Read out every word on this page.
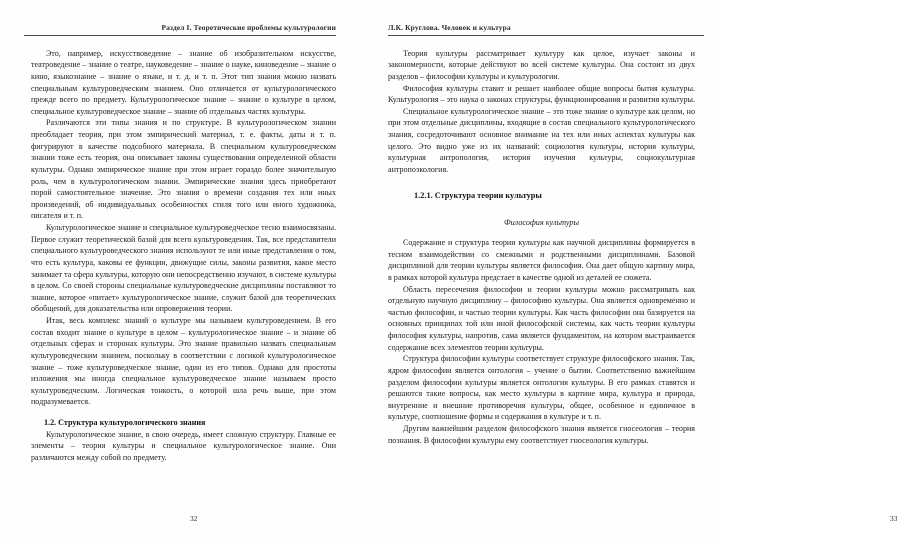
Раздел I. Теоретические проблемы культурологии

Это, например, искусствоведение – знание об изобразительном искусстве, театроведение – знание о театре, науковедение – знание о науке, киноведение – знание о кино, языкознание – знание о языке, и т. д. и т. п. Этот тип знания можно назвать специальным культуроведческим знанием. Оно отличается от культурологического прежде всего по предмету. Культурологическое знание – знание о культуре в целом, специальное культуроведческое знание – знание об отдельных частях культуры.

Различаются эти типы знания и по структуре. В культурологическом знании преобладает теория, при этом эмпирический материал, т. е. факты, даты и т. п. фигурируют в качестве подсобного материала. В специальном культуроведческом знании тоже есть теория, она описывает законы существования определенной области культуры. Однако эмпирическое знание при этом играет гораздо более значительную роль, чем в культурологическом знании. Эмпирические знания здесь приобретают порой самостоятельное значение. Это знания о времени создания тех или иных произведений, об индивидуальных особенностях стиля того или иного художника, писателя и т. п.

Культурологическое знание и специальное культуроведческое тесно взаимосвязаны. Первое служит теоретической базой для всего культуроведения. Так, все представители специального культуроведческого знания используют те или иные представления о том, что есть культура, каковы ее функции, движущие силы, законы развития, какое место занимает та сфера культуры, которую они непосредственно изучают, в системе культуры в целом. Со своей стороны специальные культуроведческие дисциплины поставляют то знание, которое «питает» культурологическое знание, служит базой для теоретических обобщений, для доказательства или опровержения теории.

Итак, весь комплекс знаний о культуре мы называем культуроведением. В его состав входит знание о культуре в целом – культурологическое знание – и знание об отдельных сферах и сторонах культуры. Это знание правильно назвать специальным культуроведческим знанием, поскольку в соответствии с логикой культурологическое знание – тоже культуроведческое знание, один из его типов. Однако для простоты изложения мы иногда специальное культуроведческое знание называем просто культуроведческим. Логическая тонкость, о которой шла речь выше, при этом подразумевается.

1.2. Структура культурологического знания

Культурологическое знание, в свою очередь, имеет сложную структуру. Главные ее элементы – теория культуры и специальное культурологическое знание. Они различаются между собой по предмету.

32
Л.К. Круглова. Человек и культура

Теория культуры рассматривает культуру как целое, изучает законы и закономерности, которые действуют во всей системе культуры. Она состоит из двух разделов – философии культуры и культурологии.

Философия культуры ставит и решает наиболее общие вопросы бытия культуры. Культурология – это наука о законах структуры, функционирования и развития культуры.

Специальное культурологическое знание – это тоже знание о культуре как целом, но при этом отдельные дисциплины, входящие в состав специального культурологического знания, сосредоточивают основное внимание на тех или иных аспектах культуры как целого. Это видно уже из их названий: социология культуры, история культуры, культурная антропология, история изучения культуры, социокультурная антропоэкология.

1.2.1. Структура теории культуры
Философия культуры

Содержание и структура теории культуры как научной дисциплины формируется в тесном взаимодействии со смежными и родственными дисциплинами. Базовой дисциплиной для теории культуры является философия. Она дает общую картину мира, в рамках которой культура предстает в качестве одной из деталей ее сюжета.

Область пересечения философии и теории культуры можно рассматривать как отдельную научную дисциплину – философию культуры. Она является одновременно и частью философии, и частью теории культуры. Как часть философии она базируется на основных принципах той или иной философской системы, как часть теории культуры философия культуры, напротив, сама является фундаментом, на котором выстраивается содержание всех элементов теории культуры.

Структура философии культуры соответствует структуре философского знания. Так, ядром философии является онтология – учение о бытии. Соответственно важнейшим разделом философии культуры является онтология культуры. В его рамках ставятся и решаются такие вопросы, как место культуры в картине мира, культура и природа, внутренние и внешние противоречия культуры, общее, особенное и единичное в культуре, соотношение формы и содержания в культуре и т. п.

Другим важнейшим разделом философского знания является гносеология – теория познания. В философии культуры ему соответствует гносеология культуры.

33
